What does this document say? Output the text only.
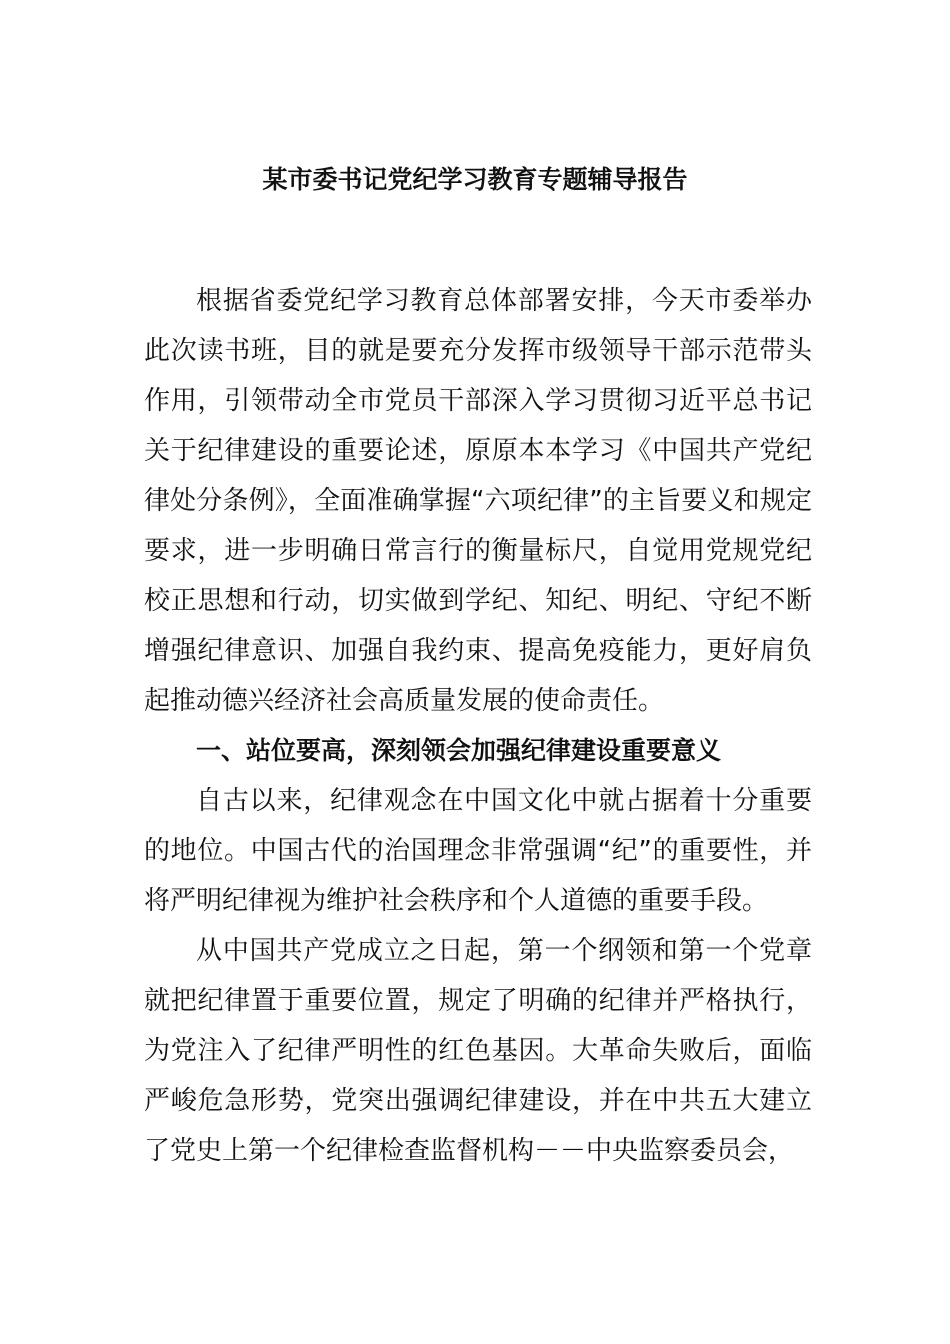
某市委书记党纪学习教育专题辅导报告

根据省委党纪学习教育总体部署安排，今天市委举办此次读书班，目的就是要充分发挥市级领导干部示范带头作用，引领带动全市党员干部深入学习贯彻习近平总书记关于纪律建设的重要论述，原原本本学习《中国共产党纪律处分条例》，全面准确掌握“六项纪律”的主旨要义和规定要求，进一步明确日常言行的衡量标尺，自觉用党规党纪校正思想和行动，切实做到学纪、知纪、明纪、守纪不断增强纪律意识、加强自我约束、提高免疫能力，更好肩负起推动德兴经济社会高质量发展的使命责任。

一、站位要高，深刻领会加强纪律建设重要意义

自古以来，纪律观念在中国文化中就占据着十分重要的地位。中国古代的治国理念非常强调“纪”的重要性，并将严明纪律视为维护社会秩序和个人道德的重要手段。

从中国共产党成立之日起，第一个纲领和第一个党章就把纪律置于重要位置，规定了明确的纪律并严格执行，为党注入了纪律严明性的红色基因。大革命失败后，面临严峻危急形势，党突出强调纪律建设，并在中共五大建立了党史上第一个纪律检查监督机构－－中央监察委员会，
